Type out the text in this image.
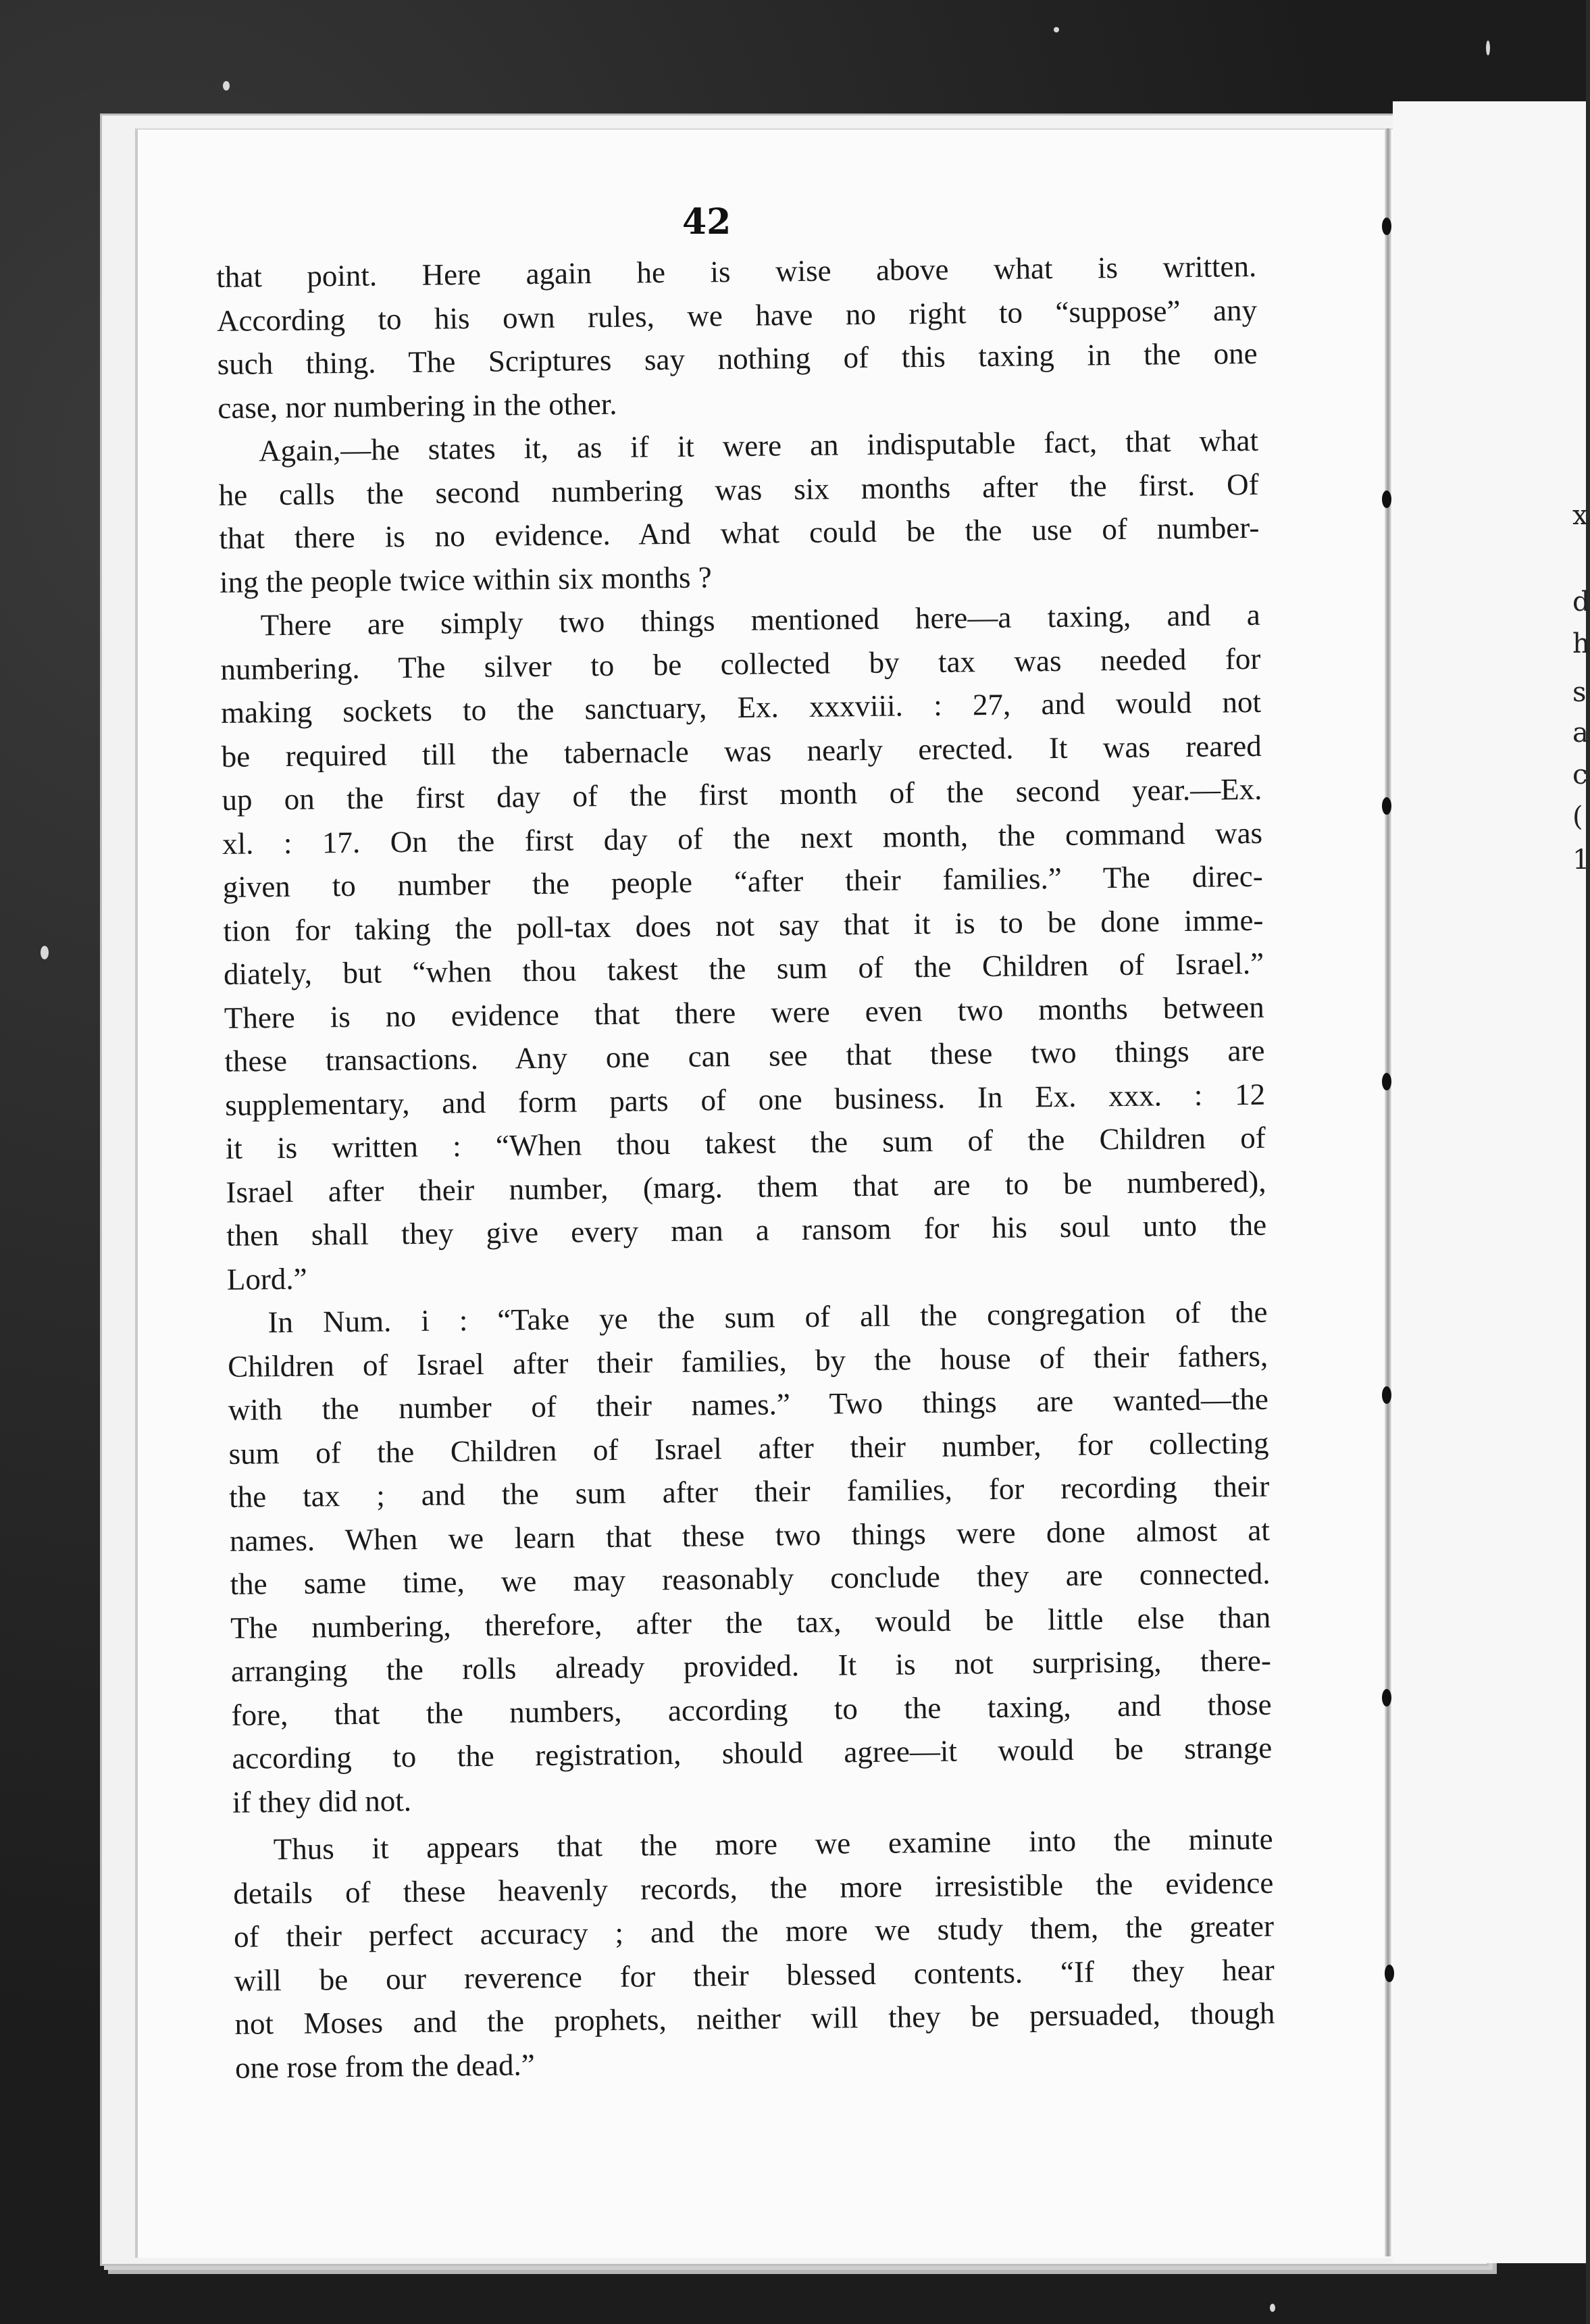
x
d
h
s
a
c
(
1
42
that point. Here again he is wise above what is written.
According to his own rules, we have no right to “suppose” any
such thing. The Scriptures say nothing of this taxing in the one
case, nor numbering in the other.
Again,—he states it, as if it were an indisputable fact, that what
he calls the second numbering was six months after the first. Of
that there is no evidence. And what could be the use of number-
ing the people twice within six months ?
There are simply two things mentioned here—a taxing, and a
numbering. The silver to be collected by tax was needed for
making sockets to the sanctuary, Ex. xxxviii. : 27, and would not
be required till the tabernacle was nearly erected. It was reared
up on the first day of the first month of the second year.—Ex.
xl. : 17. On the first day of the next month, the command was
given to number the people “after their families.” The direc-
tion for taking the poll-tax does not say that it is to be done imme-
diately, but “when thou takest the sum of the Children of Israel.”
There is no evidence that there were even two months between
these transactions. Any one can see that these two things are
supplementary, and form parts of one business. In Ex. xxx. : 12
it is written : “When thou takest the sum of the Children of
Israel after their number, (marg. them that are to be numbered),
then shall they give every man a ransom for his soul unto the
Lord.”
In Num. i : “Take ye the sum of all the congregation of the
Children of Israel after their families, by the house of their fathers,
with the number of their names.” Two things are wanted—the
sum of the Children of Israel after their number, for collecting
the tax ; and the sum after their families, for recording their
names. When we learn that these two things were done almost at
the same time, we may reasonably conclude they are connected.
The numbering, therefore, after the tax, would be little else than
arranging the rolls already provided. It is not surprising, there-
fore, that the numbers, according to the taxing, and those
according to the registration, should agree—it would be strange
if they did not.
Thus it appears that the more we examine into the minute
details of these heavenly records, the more irresistible the evidence
of their perfect accuracy ; and the more we study them, the greater
will be our reverence for their blessed contents. “If they hear
not Moses and the prophets, neither will they be persuaded, though
one rose from the dead.”
